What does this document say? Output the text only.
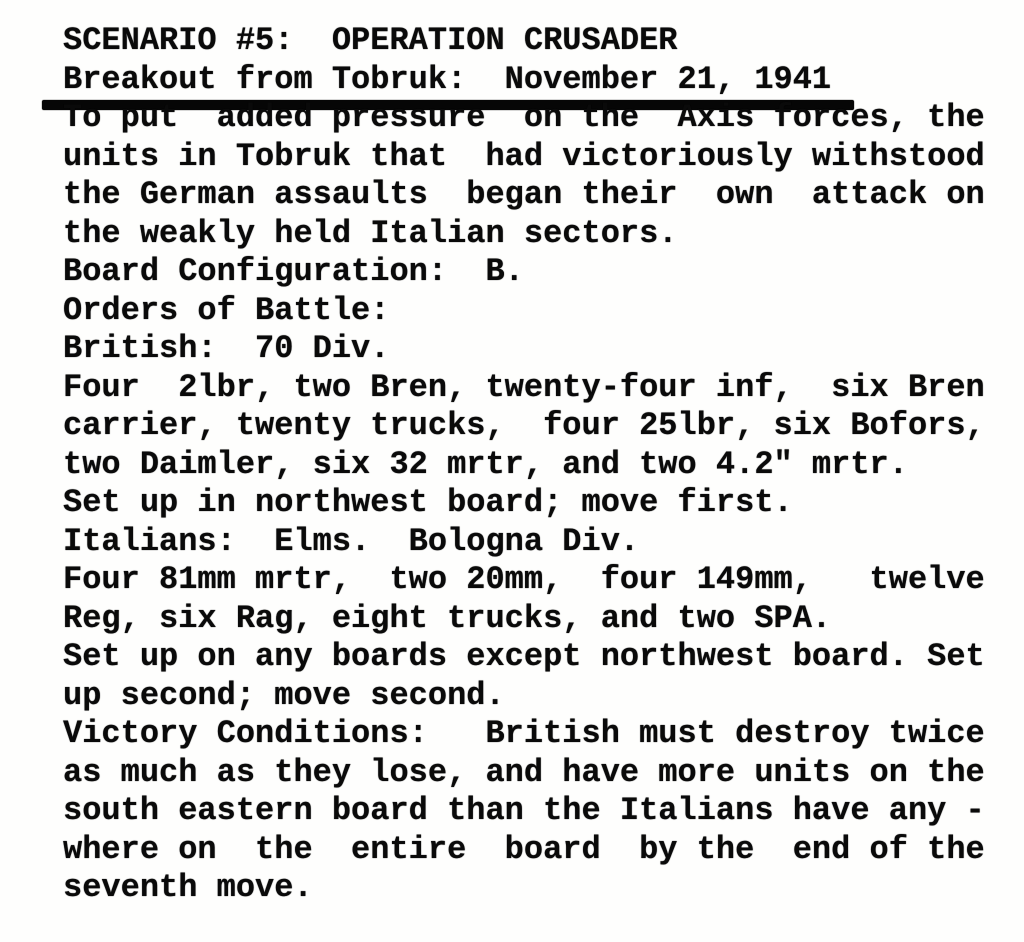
SCENARIO #5:  OPERATION CRUSADER
Breakout from Tobruk:  November 21, 1941
To put  added pressure  on the  Axis forces, the
units in Tobruk that  had victoriously withstood
the German assaults  began their  own  attack on
the weakly held Italian sectors.
Board Configuration:  B.
Orders of Battle:
British:  70 Div.
Four  2lbr, two Bren, twenty-four inf,  six Bren
carrier, twenty trucks,  four 25lbr, six Bofors,
two Daimler, six 32 mrtr, and two 4.2" mrtr.
Set up in northwest board; move first.
Italians:  Elms.  Bologna Div.
Four 81mm mrtr,  two 20mm,  four 149mm,   twelve
Reg, six Rag, eight trucks, and two SPA.
Set up on any boards except northwest board. Set
up second; move second.
Victory Conditions:   British must destroy twice
as much as they lose, and have more units on the
south eastern board than the Italians have any -
where on  the  entire  board  by the  end of the
seventh move.
